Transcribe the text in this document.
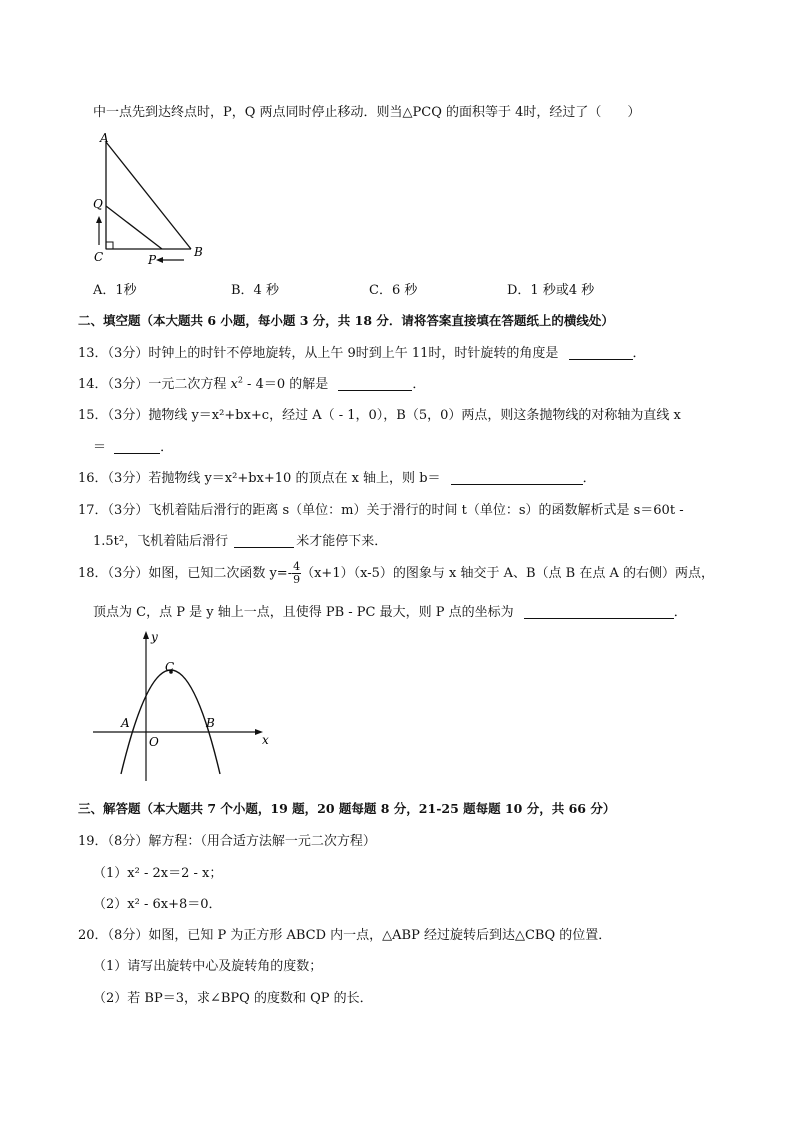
中一点先到达终点时，P，Q 两点同时停止移动．则当△PCQ 的面积等于 4时，经过了（　　）
A
Q
C	P
B
A．1秒	B．4 秒	C．6 秒	D．1 秒或4 秒
二、填空题（本大题共 6 小题，每小题 3 分，共 18 分．请将答案直接填在答题纸上的横线处）
13．（3分）时钟上的时针不停地旋转，从上午 9时到上午 11时，时针旋转的角度是	．
14．（3分）一元二次方程 $x^2 - 4=0$ 的解是	．
15．（3分）抛物线 y＝x²+bx+c，经过 A（ - 1，0），B（5，0）两点，则这条抛物线的对称轴为直线 x
＝	．
16．（3分）若抛物线 y＝x²+bx+10 的顶点在 x 轴上，则 b＝	．
17．（3分）飞机着陆后滑行的距离 s（单位：m）关于滑行的时间 t（单位：s）的函数解析式是 s＝60t -
1.5t²，飞机着陆后滑行	米才能停下来．
18．（3分）如图，已知二次函数 $y=- \frac{4}{9} (x+1)(x-5)$的图象与 x 轴交于 A、B（点 B 在点 A 的右侧）两点，
顶点为 C，点 P 是 y 轴上一点，且使得 PB - PC 最大，则 P 点的坐标为	．
y
x
C
A
O
B
三、解答题（本大题共 7 个小题，19 题，20 题每题 8 分，21-25 题每题 10 分，共 66 分）
19．（8分）解方程：（用合适方法解一元二次方程）
（1）x² - 2x＝2 - x；
（2）x² - 6x+8＝0．
20．（8分）如图，已知 P 为正方形 ABCD 内一点，△ABP 经过旋转后到达△CBQ 的位置．
（1）请写出旋转中心及旋转角的度数；
（2）若 BP＝3，求∠BPQ 的度数和 QP 的长．
